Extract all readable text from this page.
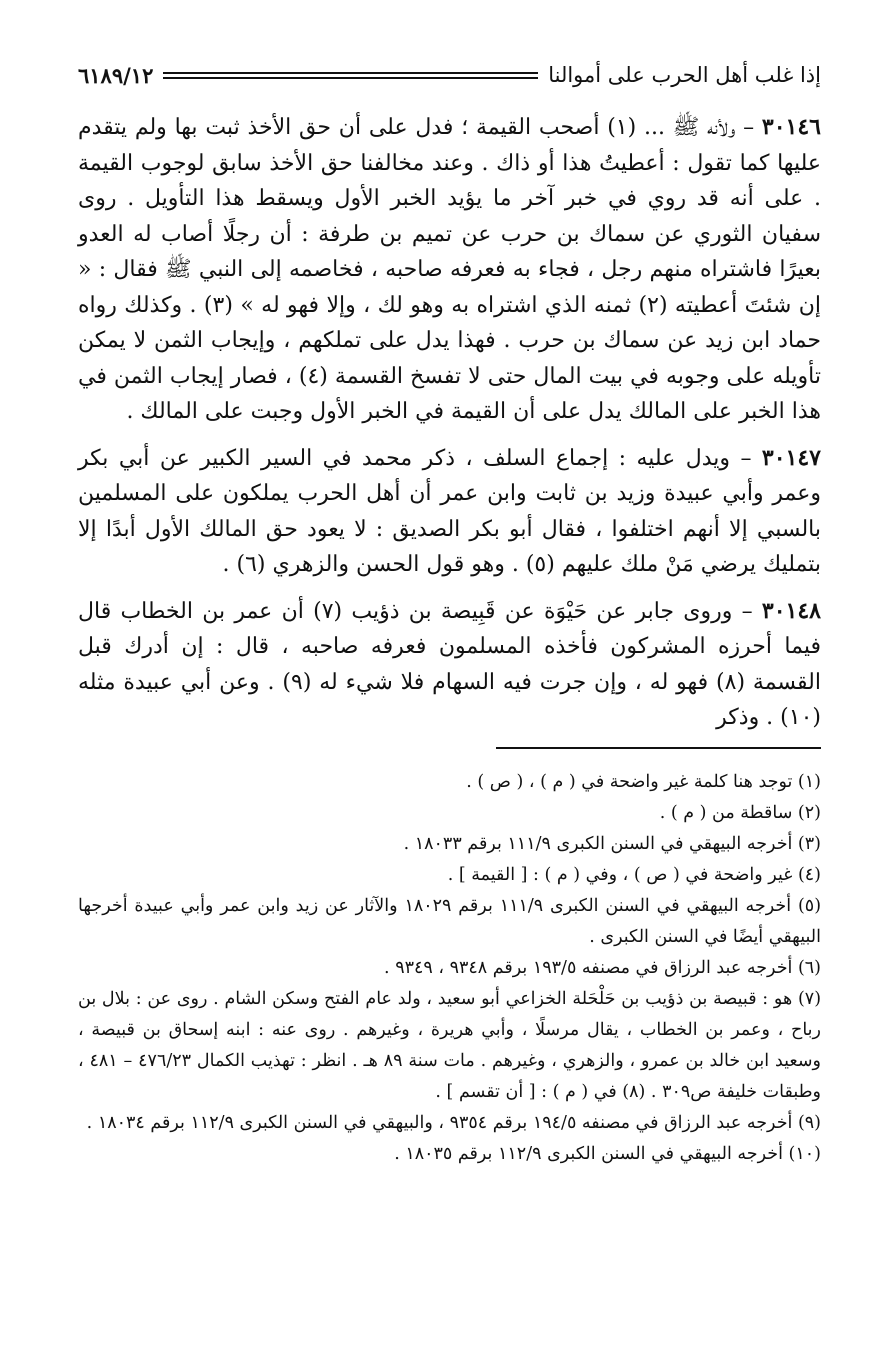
إذا غلب أهل الحرب على أموالنا
٦١٨٩/١٢

٣٠١٤٦ – ولأنه ﷺ ... (١) أصحب القيمة ؛ فدل على أن حق الأخذ ثبت بها ولم يتقدم عليها كما تقول : أعطيتُ هذا أو ذاك . وعند مخالفنا حق الأخذ سابق لوجوب القيمة . على أنه قد روي في خبر آخر ما يؤيد الخبر الأول ويسقط هذا التأويل . روى سفيان الثوري عن سماك بن حرب عن تميم بن طرفة : أن رجلًا أصاب له العدو بعيرًا فاشتراه منهم رجل ، فجاء به فعرفه صاحبه ، فخاصمه إلى النبي ﷺ فقال : « إن شئتَ أعطيته (٢) ثمنه الذي اشتراه به وهو لك ، وإلا فهو له » (٣) . وكذلك رواه حماد ابن زيد عن سماك بن حرب . فهذا يدل على تملكهم ، وإيجاب الثمن لا يمكن تأويله على وجوبه في بيت المال حتى لا تفسخ القسمة (٤) ، فصار إيجاب الثمن في هذا الخبر على المالك يدل على أن القيمة في الخبر الأول وجبت على المالك .

٣٠١٤٧ – ويدل عليه : إجماع السلف ، ذكر محمد في السير الكبير عن أبي بكر وعمر وأبي عبيدة وزيد بن ثابت وابن عمر أن أهل الحرب يملكون على المسلمين بالسبي إلا أنهم اختلفوا ، فقال أبو بكر الصديق : لا يعود حق المالك الأول أبدًا إلا بتمليك يرضي مَنْ ملك عليهم (٥) . وهو قول الحسن والزهري (٦) .

٣٠١٤٨ – وروى جابر عن حَيْوَة عن قَبِيصة بن ذؤيب (٧) أن عمر بن الخطاب قال فيما أحرزه المشركون فأخذه المسلمون فعرفه صاحبه ، قال : إن أدرك قبل القسمة (٨) فهو له ، وإن جرت فيه السهام فلا شيء له (٩) . وعن أبي عبيدة مثله (١٠) . وذكر

(١) توجد هنا كلمة غير واضحة في ( م ) ، ( ص ) .

(٢) ساقطة من ( م ) .

(٣) أخرجه البيهقي في السنن الكبرى ١١١/٩ برقم ١٨٠٣٣ .

(٤) غير واضحة في ( ص ) ، وفي ( م ) : [ القيمة ] .

(٥) أخرجه البيهقي في السنن الكبرى ١١١/٩ برقم ١٨٠٢٩ والآثار عن زيد وابن عمر وأبي عبيدة أخرجها البيهقي أيضًا في السنن الكبرى .

(٦) أخرجه عبد الرزاق في مصنفه ١٩٣/٥ برقم ٩٣٤٨ ، ٩٣٤٩ .

(٧) هو : قبيصة بن ذؤيب بن حَلْحَلة الخزاعي أبو سعيد ، ولد عام الفتح وسكن الشام . روى عن : بلال بن رباح ، وعمر بن الخطاب ، يقال مرسلًا ، وأبي هريرة ، وغيرهم . روى عنه : ابنه إسحاق بن قبيصة ، وسعيد ابن خالد بن عمرو ، والزهري ، وغيرهم . مات سنة ٨٩ هـ . انظر : تهذيب الكمال ٤٧٦/٢٣ – ٤٨١ ، وطبقات خليفة ص٣٠٩ . (٨) في ( م ) : [ أن تقسم ] .

(٩) أخرجه عبد الرزاق في مصنفه ١٩٤/٥ برقم ٩٣٥٤ ، والبيهقي في السنن الكبرى ١١٢/٩ برقم ١٨٠٣٤ .

(١٠) أخرجه البيهقي في السنن الكبرى ١١٢/٩ برقم ١٨٠٣٥ .
